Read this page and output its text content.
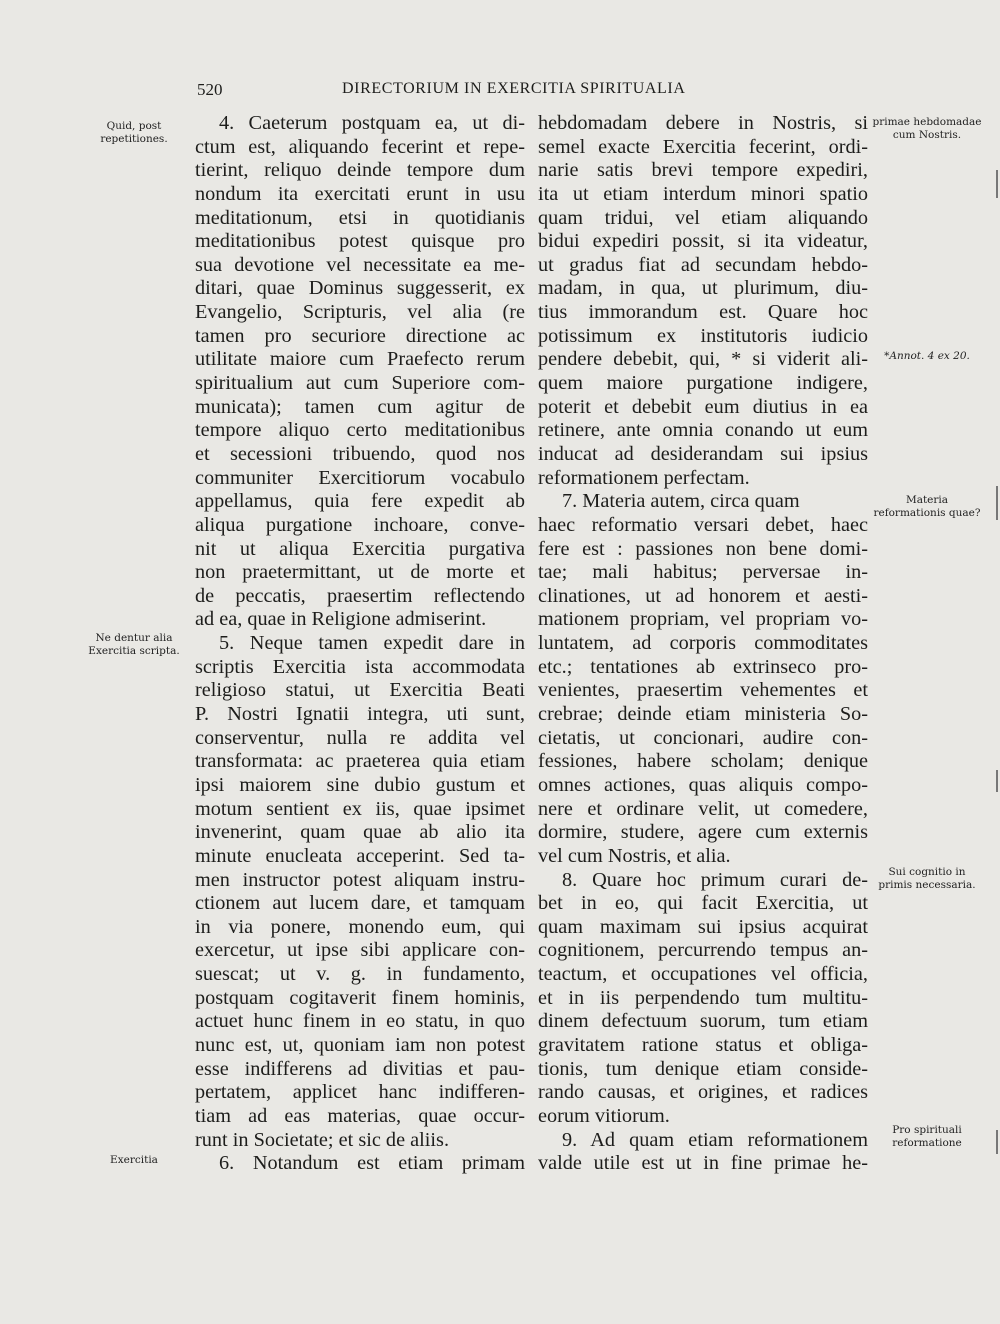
520	DIRECTORIUM IN EXERCITIA SPIRITUALIA
Quid, post repetitiones.
Ne dentur alia Exercitia scripta.
Exercitia
primae hebdomadae cum Nostris.
*Annot. 4 ex 20.
Materia reformationis quae?
Sui cognitio in primis necessaria.
Pro spirituali reformatione
4. Caeterum postquam ea, ut di-
ctum est, aliquando fecerint et repe-
tierint, reliquo deinde tempore dum
nondum ita exercitati erunt in usu
meditationum, etsi in quotidianis
meditationibus potest quisque pro
sua devotione vel necessitate ea me-
ditari, quae Dominus suggesserit, ex
Evangelio, Scripturis, vel alia (re
tamen pro securiore directione ac
utilitate maiore cum Praefecto rerum
spiritualium aut cum Superiore com-
municata); tamen cum agitur de
tempore aliquo certo meditationibus
et secessioni tribuendo, quod nos
communiter Exercitiorum vocabulo
appellamus, quia fere expedit ab
aliqua purgatione inchoare, conve-
nit ut aliqua Exercitia purgativa
non praetermittant, ut de morte et
de peccatis, praesertim reflectendo
ad ea, quae in Religione admiserint.
5. Neque tamen expedit dare in
scriptis Exercitia ista accommodata
religioso statui, ut Exercitia Beati
P. Nostri Ignatii integra, uti sunt,
conserventur, nulla re addita vel
transformata: ac praeterea quia etiam
ipsi maiorem sine dubio gustum et
motum sentient ex iis, quae ipsimet
invenerint, quam quae ab alio ita
minute enucleata acceperint. Sed ta-
men instructor potest aliquam instru-
ctionem aut lucem dare, et tamquam
in via ponere, monendo eum, qui
exercetur, ut ipse sibi applicare con-
suescat; ut v. g. in fundamento,
postquam cogitaverit finem hominis,
actuet hunc finem in eo statu, in quo
nunc est, ut, quoniam iam non potest
esse indifferens ad divitias et pau-
pertatem, applicet hanc indifferen-
tiam ad eas materias, quae occur-
runt in Societate; et sic de aliis.
6. Notandum est etiam primam
hebdomadam debere in Nostris, si
semel exacte Exercitia fecerint, ordi-
narie satis brevi tempore expediri,
ita ut etiam interdum minori spatio
quam tridui, vel etiam aliquando
bidui expediri possit, si ita videatur,
ut gradus fiat ad secundam hebdo-
madam, in qua, ut plurimum, diu-
tius immorandum est. Quare hoc
potissimum ex institutoris iudicio
pendere debebit, qui, * si viderit ali-
quem maiore purgatione indigere,
poterit et debebit eum diutius in ea
retinere, ante omnia conando ut eum
inducat ad desiderandam sui ipsius
reformationem perfectam.
7. Materia autem, circa quam
haec reformatio versari debet, haec
fere est : passiones non bene domi-
tae; mali habitus; perversae in-
clinationes, ut ad honorem et aesti-
mationem propriam, vel propriam vo-
luntatem, ad corporis commoditates
etc.; tentationes ab extrinseco pro-
venientes, praesertim vehementes et
crebrae; deinde etiam ministeria So-
cietatis, ut concionari, audire con-
fessiones, habere scholam; denique
omnes actiones, quas aliquis compo-
nere et ordinare velit, ut comedere,
dormire, studere, agere cum externis
vel cum Nostris, et alia.
8. Quare hoc primum curari de-
bet in eo, qui facit Exercitia, ut
quam maximam sui ipsius acquirat
cognitionem, percurrendo tempus an-
teactum, et occupationes vel officia,
et in iis perpendendo tum multitu-
dinem defectuum suorum, tum etiam
gravitatem ratione status et obliga-
tionis, tum denique etiam conside-
rando causas, et origines, et radices
eorum vitiorum.
9. Ad quam etiam reformationem
valde utile est ut in fine primae he-
